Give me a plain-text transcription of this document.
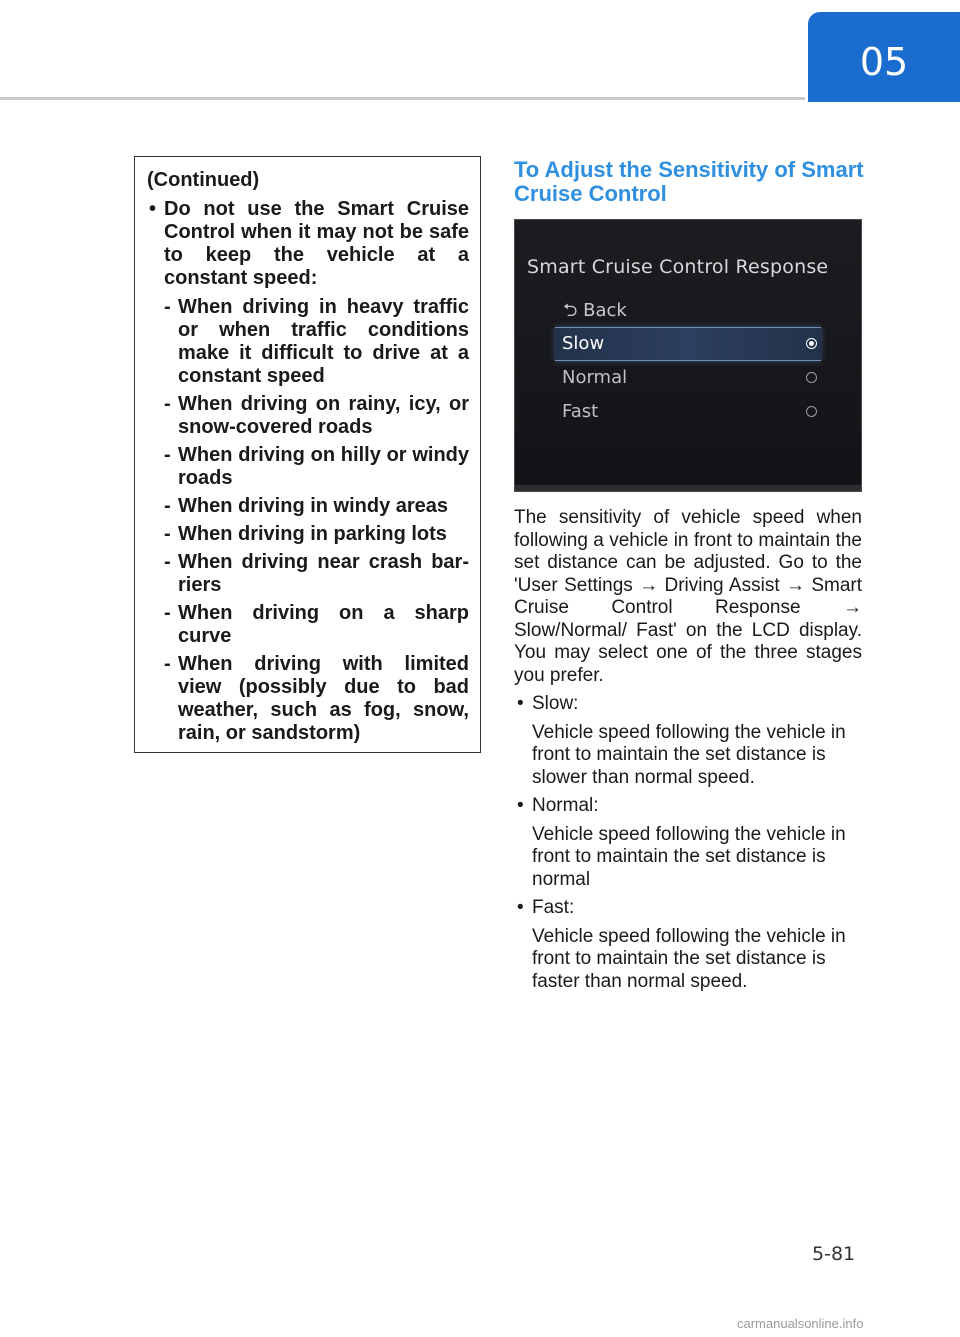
05

(Continued)

• Do not use the Smart Cruise Control when it may not be safe to keep the vehicle at a constant speed:

- When driving in heavy traffic or when traffic conditions make it difficult to drive at a constant speed
- When driving on rainy, icy, or snow-covered roads
- When driving on hilly or windy roads
- When driving in windy areas
- When driving in parking lots
- When driving near crash bar-riers
- When driving on a sharp curve
- When driving with limited view (possibly due to bad weather, such as fog, snow, rain, or sandstorm)
To Adjust the Sensitivity of Smart Cruise Control
Smart Cruise Control Response
⮌ Back
Slow
Normal
Fast

The sensitivity of vehicle speed when following a vehicle in front to maintain the set distance can be adjusted. Go to the 'User Settings → Driving Assist → Smart Cruise Control Response → Slow/Normal/ Fast' on the LCD display. You may select one of the three stages you prefer.

• Slow:
Vehicle speed following the vehicle in front to maintain the set distance is slower than normal speed.
• Normal:
Vehicle speed following the vehicle in front to maintain the set distance is normal
• Fast:
Vehicle speed following the vehicle in front to maintain the set distance is faster than normal speed.
5-81
carmanualsonline.info
